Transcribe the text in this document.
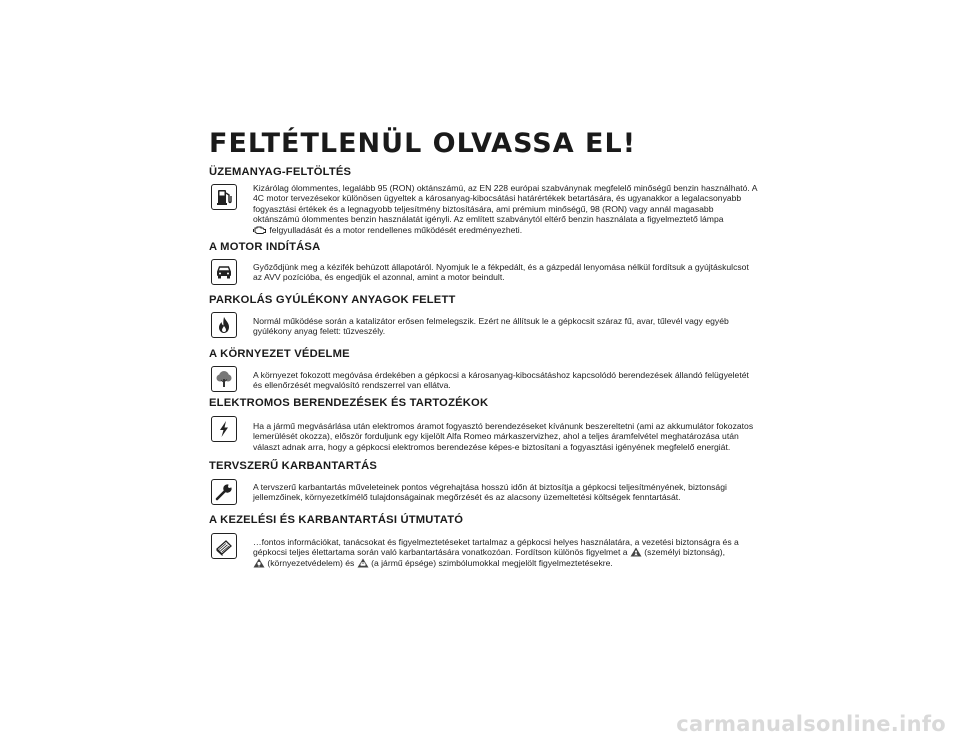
FELTÉTLENÜL OLVASSA EL!
ÜZEMANYAG-FELTÖLTÉS

Kizárólag ólommentes, legalább 95 (RON) oktánszámú, az EN 228 európai szabványnak megfelelő minőségű benzin használható. A

4C motor tervezésekor különösen ügyeltek a károsanyag-kibocsátási határértékek betartására, és ugyanakkor a legalacsonyabb

fogyasztási értékek és a legnagyobb teljesítmény biztosítására, ami prémium minőségű, 98 (RON) vagy annál magasabb

oktánszámú ólommentes benzin használatát igényli. Az említett szabványtól eltérő benzin használata a figyelmeztető lámpa

felgyulladását és a motor rendellenes működését eredményezheti.

A MOTOR INDÍTÁSA

Győződjünk meg a kézifék behúzott állapotáról. Nyomjuk le a fékpedált, és a gázpedál lenyomása nélkül fordítsuk a gyújtáskulcsot

az AVV pozícióba, és engedjük el azonnal, amint a motor beindult.

PARKOLÁS GYÚLÉKONY ANYAGOK FELETT

Normál működése során a katalizátor erősen felmelegszik. Ezért ne állítsuk le a gépkocsit száraz fű, avar, tűlevél vagy egyéb

gyúlékony anyag felett: tűzveszély.

A KÖRNYEZET VÉDELME

A környezet fokozott megóvása érdekében a gépkocsi a károsanyag-kibocsátáshoz kapcsolódó berendezések állandó felügyeletét

és ellenőrzését megvalósító rendszerrel van ellátva.

ELEKTROMOS BERENDEZÉSEK ÉS TARTOZÉKOK

Ha a jármű megvásárlása után elektromos áramot fogyasztó berendezéseket kívánunk beszereltetni (ami az akkumulátor fokozatos

lemerülését okozza), először forduljunk egy kijelölt Alfa Romeo márkaszervizhez, ahol a teljes áramfelvétel meghatározása után

választ adnak arra, hogy a gépkocsi elektromos berendezése képes-e biztosítani a fogyasztási igényének megfelelő energiát.

TERVSZERŰ KARBANTARTÁS

A tervszerű karbantartás műveleteinek pontos végrehajtása hosszú időn át biztosítja a gépkocsi teljesítményének, biztonsági

jellemzőinek, környezetkímélő tulajdonságainak megőrzését és az alacsony üzemeltetési költségek fenntartását.

A KEZELÉSI ÉS KARBANTARTÁSI ÚTMUTATÓ

…fontos információkat, tanácsokat és figyelmeztetéseket tartalmaz a gépkocsi helyes használatára, a vezetési biztonságra és a

gépkocsi teljes élettartama során való karbantartására vonatkozóan. Fordítson különös figyelmet a (személyi biztonság),

(környezetvédelem) és (a jármű épsége) szimbólumokkal megjelölt figyelmeztetésekre.

carmanualsonline.info
